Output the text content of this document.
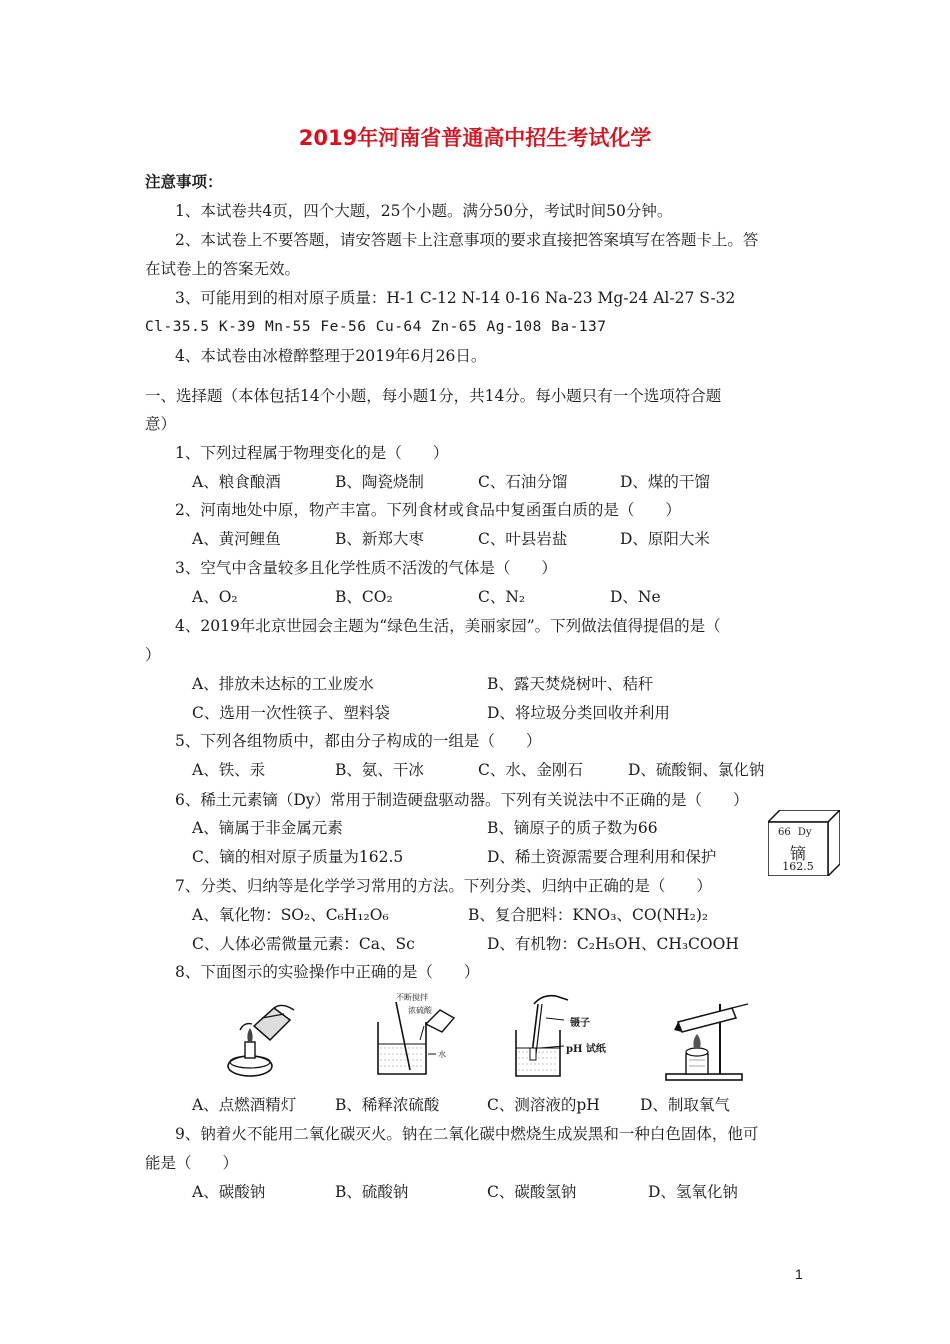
2019年河南省普通高中招生考试化学
注意事项：
1、本试卷共4页，四个大题，25个小题。满分50分，考试时间50分钟。
2、本试卷上不要答题，请安答题卡上注意事项的要求直接把答案填写在答题卡上。答
在试卷上的答案无效。
3、可能用到的相对原子质量：H-1 C-12 N-14 0-16 Na-23 Mg-24 Al-27 S-32
Cl-35.5 K-39 Mn-55 Fe-56 Cu-64 Zn-65 Ag-108 Ba-137
4、本试卷由冰橙醉整理于2019年6月26日。
一、选择题（本体包括14个小题，每小题1分，共14分。每小题只有一个选项符合题
意）
1、下列过程属于物理变化的是（　　）
A、粮食酿酒	B、陶瓷烧制	C、石油分馏	D、煤的干馏
2、河南地处中原，物产丰富。下列食材或食品中复函蛋白质的是（　　）
A、黄河鲤鱼	B、新郑大枣	C、叶县岩盐	D、原阳大米
3、空气中含量较多且化学性质不活泼的气体是（　　）
A、O₂	B、CO₂	C、N₂	D、Ne
4、2019年北京世园会主题为“绿色生活，美丽家园”。下列做法值得提倡的是（
）
A、排放未达标的工业废水	B、露天焚烧树叶、秸秆
C、选用一次性筷子、塑料袋	D、将垃圾分类回收并利用
5、下列各组物质中，都由分子构成的一组是（　　）
A、铁、汞	B、氨、干冰	C、水、金刚石	D、硫酸铜、氯化钠
6、稀土元素镝（Dy）常用于制造硬盘驱动器。下列有关说法中不正确的是（　　）
A、镝属于非金属元素	B、镝原子的质子数为66
C、镝的相对原子质量为162.5	D、稀土资源需要合理利用和保护
66 Dy
镝
162.5
7、分类、归纳等是化学学习常用的方法。下列分类、归纳中正确的是（　　）
A、氧化物：SO₂、C₆H₁₂O₆	B、复合肥料：KNO₃、CO(NH₂)₂
C、人体必需微量元素：Ca、Sc	D、有机物：C₂H₅OH、CH₃COOH
8、下面图示的实验操作中正确的是（　　）
不断搅拌
浓硫酸
水
镊子
pH 试纸
A、点燃酒精灯	B、稀释浓硫酸	C、测溶液的pH	D、制取氧气
9、钠着火不能用二氧化碳灭火。钠在二氧化碳中燃烧生成炭黑和一种白色固体，他可
能是（　　）
A、碳酸钠	B、硫酸钠	C、碳酸氢钠	D、氢氧化钠
1
